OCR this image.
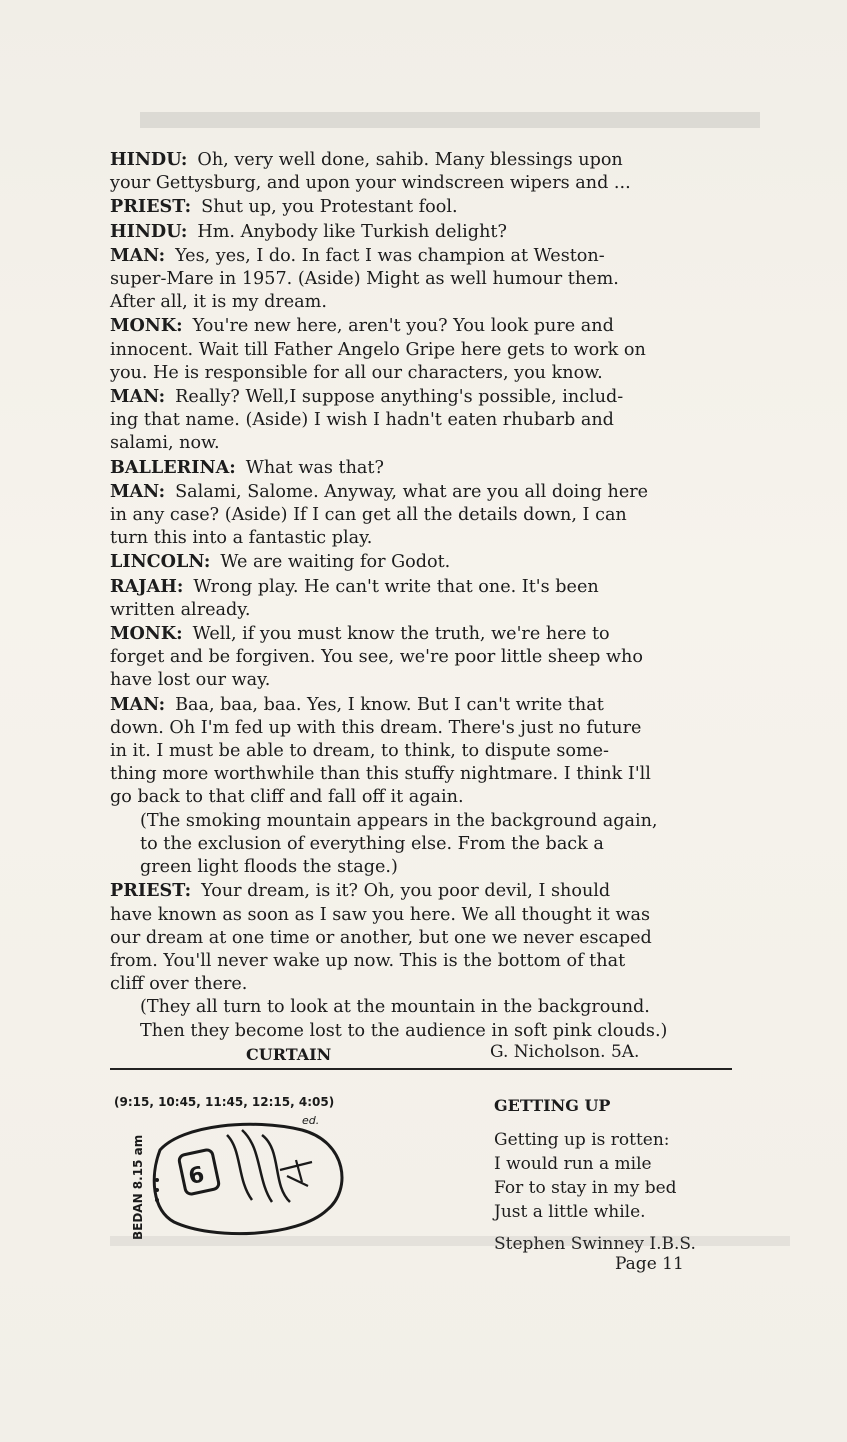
HINDU: Oh, very well done, sahib. Many blessings upon
your Gettysburg, and upon your windscreen wipers and ...
PRIEST: Shut up, you Protestant fool.
HINDU: Hm. Anybody like Turkish delight?
MAN: Yes, yes, I do. In fact I was champion at Weston-
super-Mare in 1957. (Aside) Might as well humour them.
After all, it is my dream.
MONK: You're new here, aren't you? You look pure and
innocent. Wait till Father Angelo Gripe here gets to work on
you. He is responsible for all our characters, you know.
MAN: Really? Well,I suppose anything's possible, includ-
ing that name. (Aside) I wish I hadn't eaten rhubarb and
salami, now.
BALLERINA: What was that?
MAN: Salami, Salome. Anyway, what are you all doing here
in any case? (Aside) If I can get all the details down, I can
turn this into a fantastic play.
LINCOLN: We are waiting for Godot.
RAJAH: Wrong play. He can't write that one. It's been
written already.
MONK: Well, if you must know the truth, we're here to
forget and be forgiven. You see, we're poor little sheep who
have lost our way.
MAN: Baa, baa, baa. Yes, I know. But I can't write that
down. Oh I'm fed up with this dream. There's just no future
in it. I must be able to dream, to think, to dispute some-
thing more worthwhile than this stuffy nightmare. I think I'll
go back to that cliff and fall off it again.
(The smoking mountain appears in the background again,
to the exclusion of everything else. From the back a
green light floods the stage.)
PRIEST: Your dream, is it? Oh, you poor devil, I should
have known as soon as I saw you here. We all thought it was
our dream at one time or another, but one we never escaped
from. You'll never wake up now. This is the bottom of that
cliff over there.
(They all turn to look at the mountain in the background.
Then they become lost to the audience in soft pink clouds.)
CURTAIN	G. Nicholson. 5A.
(9:15, 10:45, 11:45, 12:15, 4:05)
ed.
BEDAN 8.15 am 6
GETTING UP
Getting up is rotten:
I would run a mile
For to stay in my bed
Just a little while.
Stephen Swinney I.B.S.
Page 11
